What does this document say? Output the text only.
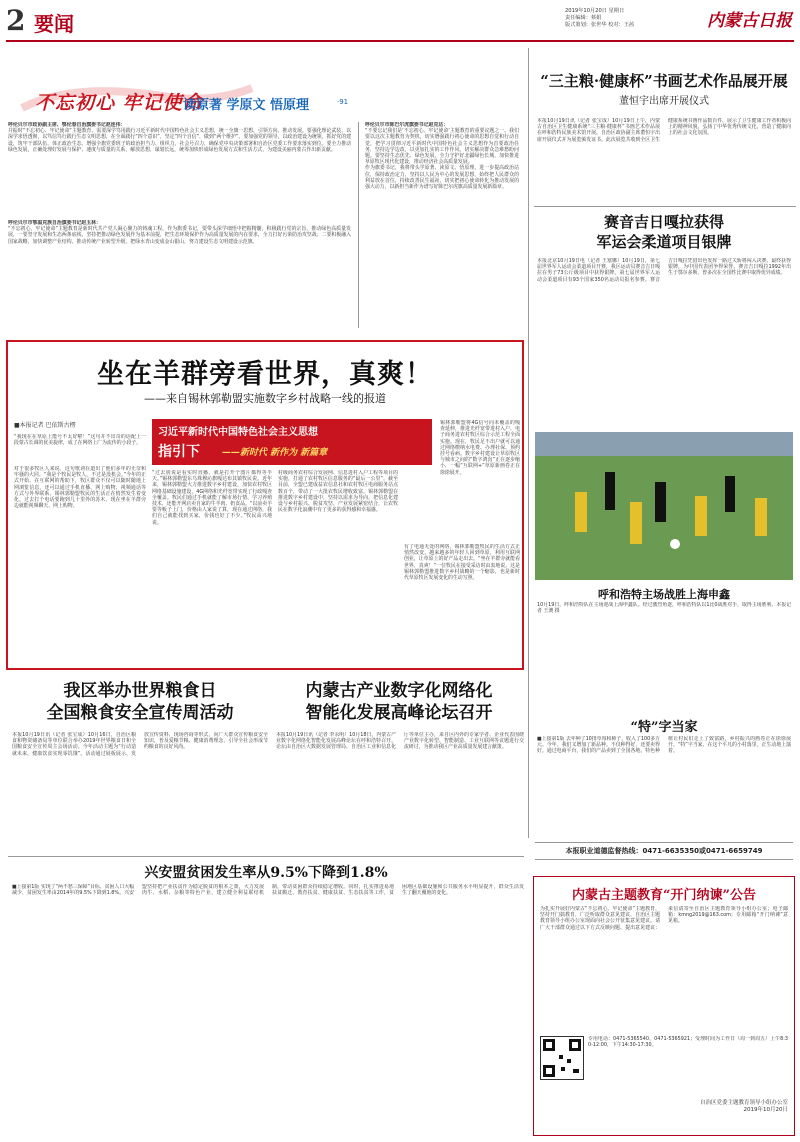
2 要闻
2019年10月20日 星期日
责任编辑：蔡娟
版式策划：张世华 校对：王茜	内蒙古日报
不忘初心 牢记使命
读原著 学原文 悟原理	·91
呼伦贝尔市政协副主席、鄂伦春自治旗委书记赵连伟：
并振时“不忘初心、牢记使命”主题教育，需要深学笃用践行习近平新时代中国特色社会主义思想，统一全旗一思想、引领方向、推动发展。要强化理论武装，以深学求悟透彻，以笃信笃行践行生态文明思想，在全面践行“四个意识”，坚定“四个自信”，做到“两个维护”。要加强党的领导，以政治建设为统领，抓好党的建设，筑牢干部队伍，体正政治生态，增强全旗党委班子的政治担当力、组织力，社会号召力，确保党中央决策部署和自治区党委工作要求落实到位。要全力推动绿色发展，正确处理好发展与保护、速度与质量的关系，解放思想，谋划长远，统筹加快形成绿色发展方式和生活方式，为建设美丽内蒙古作出新贡献。
呼伦贝尔市鄂温克族自治旗委书记赵玉林：
“不忘初心，牢记使命”主题教育是新时代共产党人凝心聚力的铸魂工程。作为旗委书记，要带头深学细悟中把握精髓，积极践行党的宗旨，推动绿色高质量发展，一要坚守发展和生态两条底线，坚持把推动绿色发展作为基本前提，把生态环境保护作为高质量发展的内在要求，全力打好污染防治攻坚战；二要积极融入国家战略，加快调整产业结构，推动传统产业转型升级，把绿水青山变成金山银山，努力建设生态文明建设示范旗。
呼伦贝尔市陈巴尔虎旗委书记赵克达：
“不要忘记我们是‘不忘初心、牢记使命’主题教育的重要议题之一。我们要以这次主题教育为契机，切实增强践行初心使命的思想自觉和行动自觉，把学习贯彻习近平新时代中国特色社会主义思想作为首要政治任务，坚持边学边改，以更加扎实的工作作风，切实解决群众急难愁盼问题。要坚持生态优先、绿色发展，全力守护好北疆绿色长城，加快推进草原牧区现代化建设，推动经济社会高质量发展。
作为旗委书记，我将带头学原著、读原文、悟原理，进一步提高政治站位，保持政治定力，坚持以人民为中心的发展思想，始终把人民群众的利益放在首位，持续改善民生福祉，切实把初心使命转化为推动发展的强大动力，以新担当新作为谱写好陈巴尔虎旗高质量发展新篇章。
“三主粮·健康杯”书画艺术作品展开展
董恒宇出席开展仪式
本报10月19日讯（记者 张宝成）10月19日上午，内蒙古自治区卫生健康系统“三主粮·健康杯”书画艺术作品展在呼和浩特民族美术馆开展。自治区政协副主席董恒宇出席开展仪式并为展览颁发证书。此次展览共收到全区卫生健康系统书画作品数百件，展示了卫生健康工作者积极向上的精神风貌，弘扬了中华优秀传统文化，营造了健康向上的社会文化氛围。
赛音吉日嘎拉获得
军运会柔道项目银牌
本报北京10月19日电（记者 王塞娜）10月19日，第七届世界军人运动会柔道项目开赛，我区运动员赛音吉日嘎拉在男子73公斤级项目中获得银牌。第七届世界军人运动会柔道项目有93个国家350名运动员报名参赛。赛音吉日嘎拉凭借出色发挥一路过关斩将闯入决赛，最终获得银牌，为中国代表团争得荣誉。赛音吉日嘎拉1992年出生于鄂尔多斯，曾多次在全国性比赛中取得优异成绩。
呼和浩特主场战胜上海申鑫
10月19日，呼和浩特队在主场迎战上海申鑫队。经过激烈角逐，呼和浩特队以1比0战胜对手，取得主场胜利。本报记者 王澳 摄
坐在羊群旁看世界，真爽！
——来自锡林郭勒盟实施数字乡村战略一线的报道
■本报记者 巴依斯古楞
习近平新时代中国特色社会主义思想
指引下 ——新时代 新作为 新篇章
“我现在在草原上能号不太好啦！”这句并不出奇的话配上一段蒙古长调的优美旋律，成了在网络上广为流传的小段子。
对于很多牧区人来说，这句歌词在道出了他们多年的无奈和牢骚的大同。“我是个牧民是牧人，不过是没机会。”今年的正式开始，在互联网的帮助下，牧区群众不仅可以随时随地上网浏览信息，还可以通过手机直播、网上购物、视频通话等方式与外界联系。锡林郭勒盟牧民的生活正在悄然发生着变化。过去打个电话要跑到几十里外的苏木，现在坐在羊群旁边就能视频聊天、网上购物。
“过去别说是看实时直播，就是打开个图片都得等半天。”锡林郭勒盟东乌珠穆沁旗嘎达布其镇牧民说。近年来，锡林郭勒盟大力推进数字乡村建设，加快农村牧区网络基础设施建设，4G网络和光纤宽带实现了行政嘎查全覆盖。牧民们通过手机就能了解市场行情、学习养殖技术，还能开网店卖自家的牛羊肉、奶食品。“以前卖羊要等贩子上门，价格由人家说了算，现在通过网络，我们自己就能找到买家，价钱也好了不少。”牧民高兴地说。
村级商务农村综合发展网、信息进村入户工程等项目的实施，打通了农村牧区信息服务的“最后一公里”。截至目前，全盟已建成益农信息社和农村牧区电商服务站点数百个，带动了一大批农牧民增收致富。锡林郭勒盟在推进数字乡村建设中，坚持以需求为导向，把信息化建设与乡村振兴、脱贫攻坚、产业发展紧密结合，让农牧民在数字化浪潮中有了更多的获得感和幸福感。
锡林郭勒盟将4G信号向未覆盖的嘎查延伸，推进光纤宽带进村入户，电子商务进农村牧区综合示范工程全面实施。现在，牧民足不出户就可以通过网络缴纳水电费、办理社保、预约挂号看病。数字乡村建设让草原牧区与城市之间的“数字鸿沟”正在逐步缩小，一幅“互联网+”草原新画卷正在徐徐展开。
有了电通无处的网络，锡林郭勒盟牧民的生活方式正悄然改变。越来越多的年轻人回到草原，利用互联网创业，让草原上的好产品走出去。“坐在羊群旁就能看世界，真爽！”一位牧民在接受采访时由衷地说。这是锡林郭勒盟推进数字乡村战略的一个缩影，也是新时代草原牧区发展变化的生动写照。
我区举办世界粮食日
全国粮食安全宣传周活动
本报10月19日讯（记者 张宝成）10月16日，自治区粮食和物资储备局等单位联合举办2019年世界粮食日和全国粮食安全宣传周主会场活动。今年活动主题为“行动造就未来，健康饮食实现零饥饿”。活动通过展板展示、发放宣传资料、现场咨询等形式，向广大群众宣传粮食安全知识，普及爱粮节粮、健康消费理念，引导全社会形成节约粮食的良好风尚。
内蒙古产业数字化网络化
智能化发展高峰论坛召开
本报10月19日讯（记者 李永明）10月18日，内蒙古产业数字化网络化智能化发展高峰论坛在呼和浩特召开。论坛由自治区大数据发展管理局、自治区工业和信息化厅等单位主办，来自区内外的专家学者、企业代表围绕产业数字化转型、智能制造、工业互联网等议题进行交流研讨，为推动我区产业高质量发展建言献策。
兴安盟贫困发生率从9.5%下降到1.8%
■上接第1版 实现了“两不愁三保障”目标，贫困人口大幅减少，贫困发生率由2014年的9.5%下降到1.8%。兴安盟坚持把产业扶贫作为稳定脱贫的根本之策，大力发展肉牛、水稻、杂粮等特色产业，建立健全利益联结机制，带动贫困群众持续稳定增收。同时，扎实推进易地扶贫搬迁、教育扶贫、健康扶贫、生态扶贫等工作，贫困地区基础设施和公共服务水平明显提升，群众生活发生了翻天覆地的变化。
“特”字当家
■上接第1版 去年种了10排草莓和柿子，收入了100多万元。今年，我们又增加了新品种。不仅种得好，还要卖得好。通过电商平台，我们的产品卖到了全国各地。特色种植让村民们走上了致富路，乡村振兴的画卷正在徐徐展开。“特”字当家，在这个平凡的小村落里，正生动地上演着。
本报职业道德监督热线：0471-6635350或0471-6659749
内蒙古主题教育“开门纳谏”公告
为扎实开展好内蒙古“不忘初心、牢记使命”主题教育，坚持开门搞教育，广泛听取群众意见建议，自治区主题教育领导小组办公室现面向社会公开征集意见建议。请广大干部群众通过以下方式反映问题、提出意见建议：来信请寄至自治区主题教育领导小组办公室；电子邮箱：kmng2019@163.com；专用邮箱“开门纳谏”意见箱。
专用电话：0471-5365540、0471-5365921；受理时间为工作日（周一到周五）上午8:30-12:00，下午14:30-17:30。
自治区党委主题教育领导小组办公室
2019年10月20日
